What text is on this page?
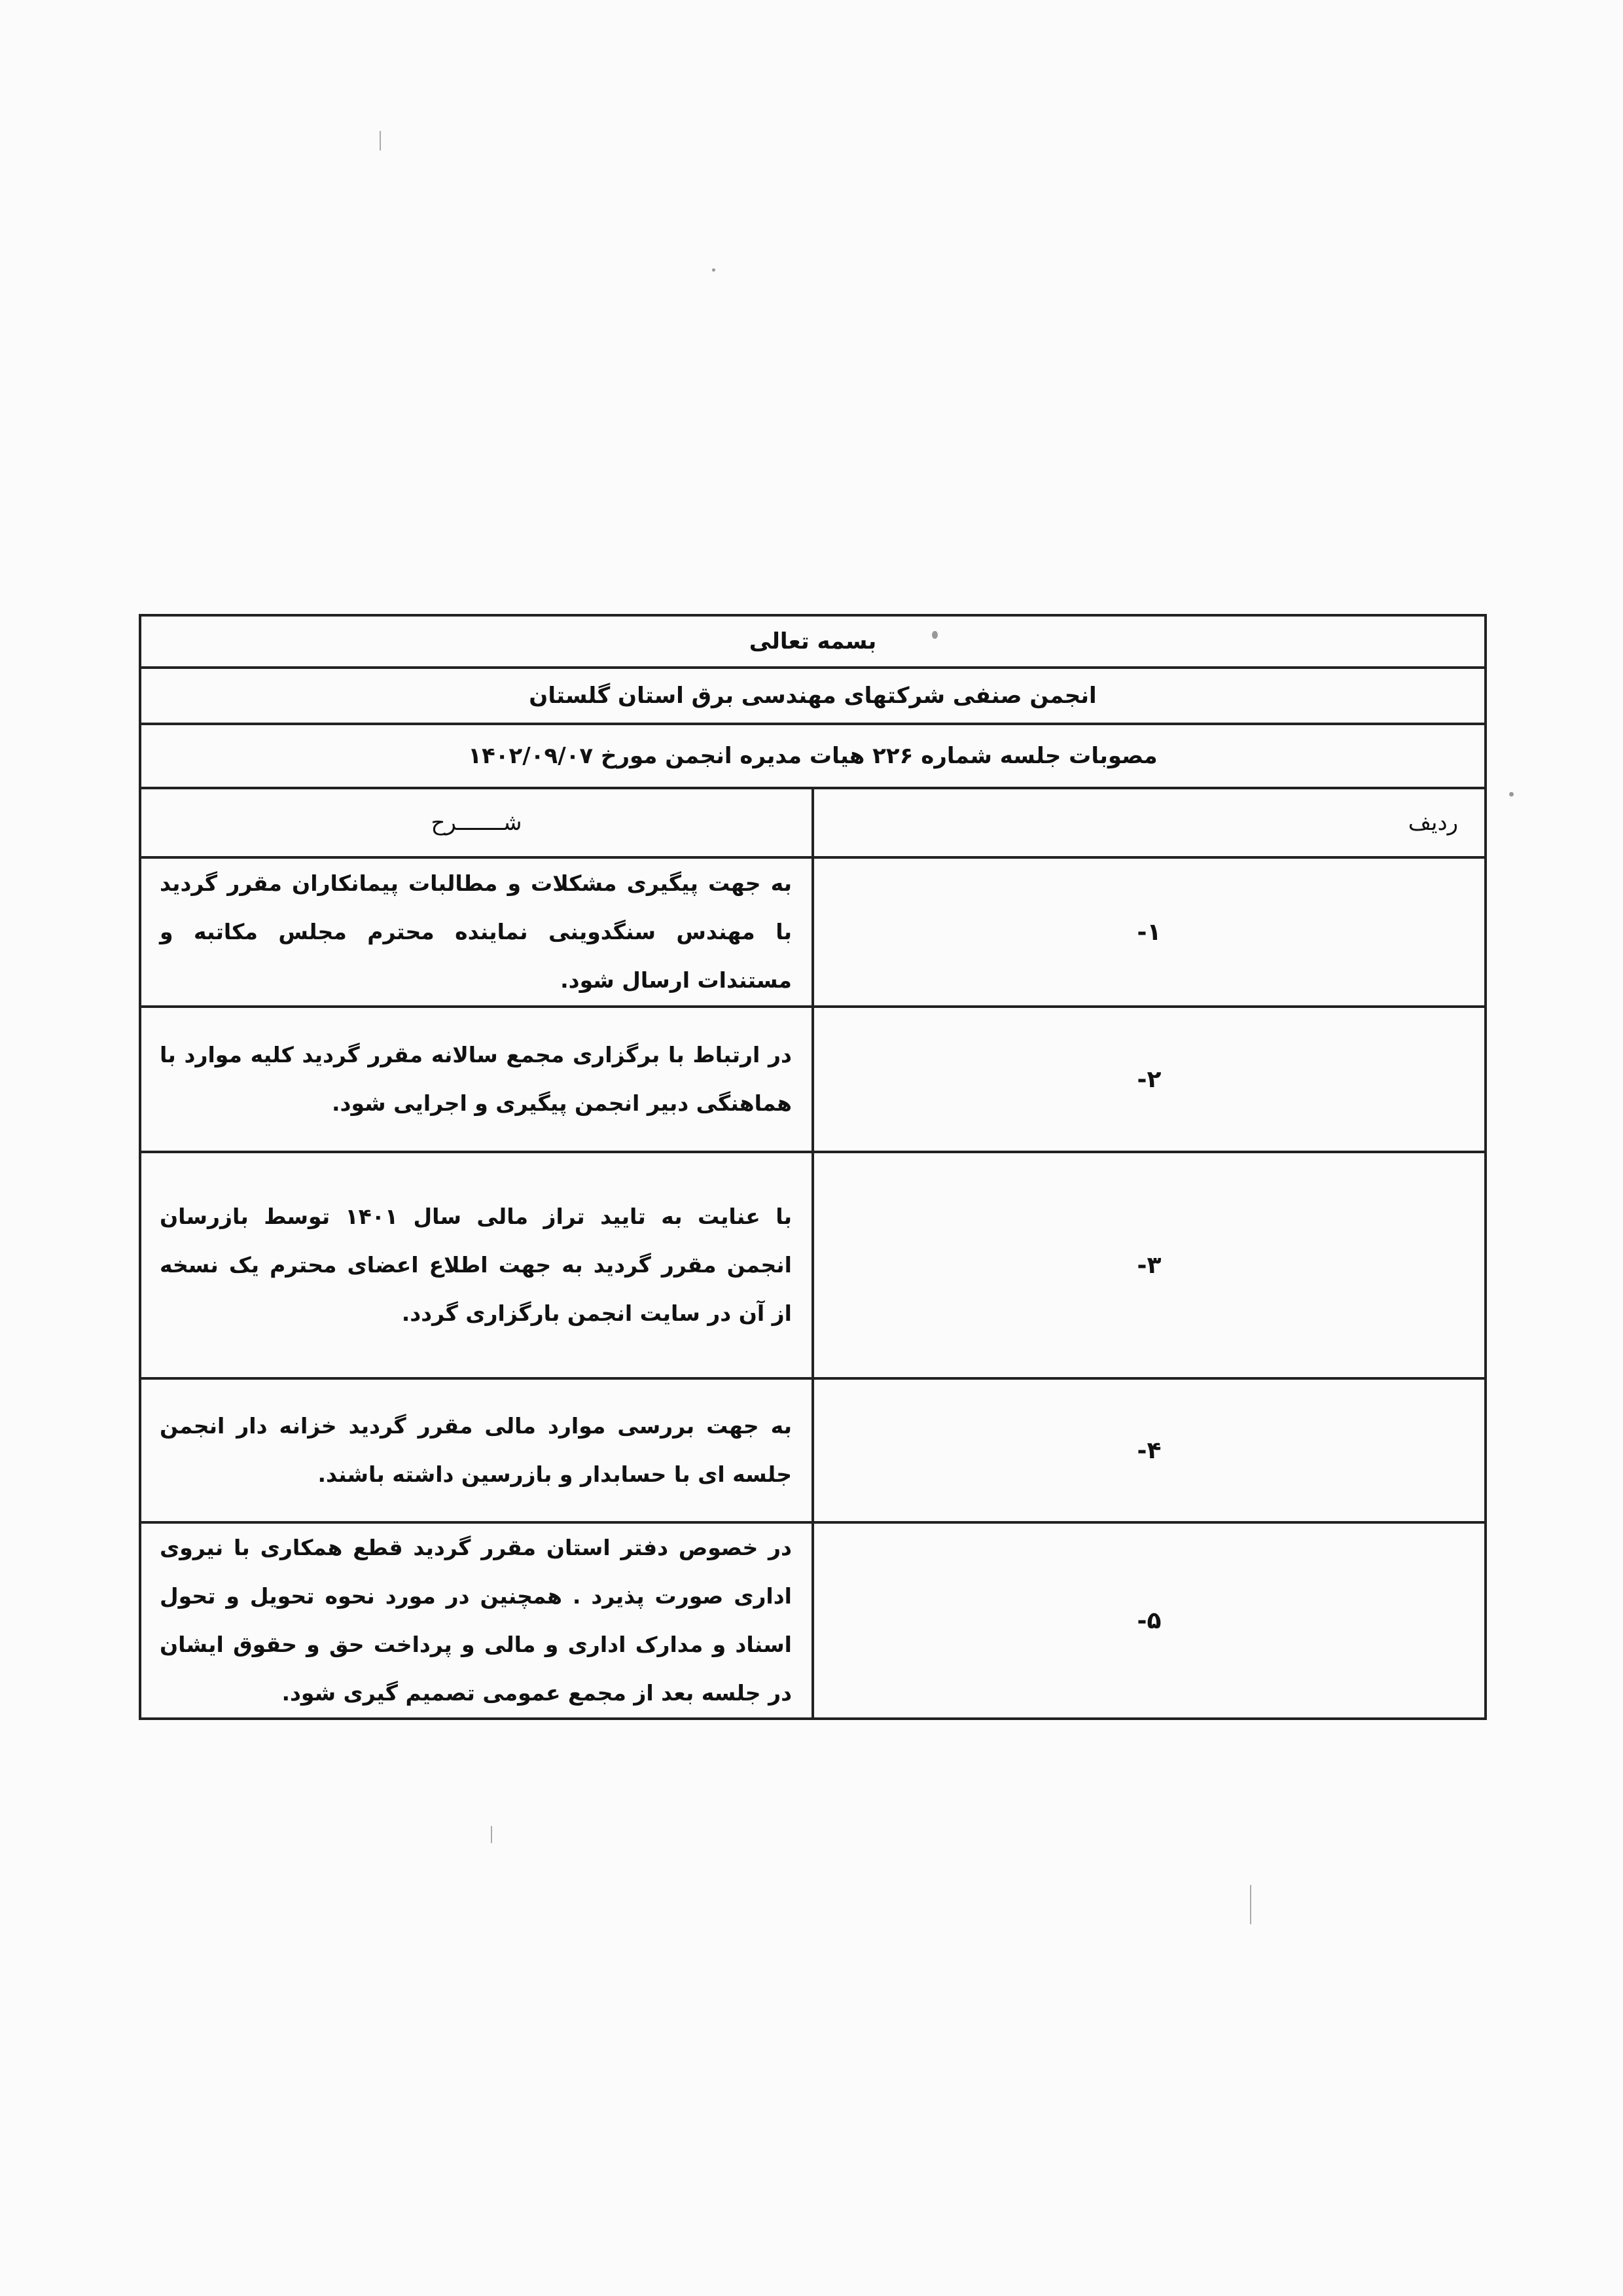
بسمه تعالی	
انجمن صنفی شرکتهای مهندسی برق استان گلستان	
مصوبات جلسه شماره ۲۲۶ هیات مدیره انجمن مورخ ۱۴۰۲/۰۹/۰۷	
ردیف	شـــــــرح
۱-	به جهت پیگیری مشکلات و مطالبات پیمانکاران مقرر گردید با مهندس سنگدوینی نماینده محترم مجلس مکاتبه و مستندات ارسال شود.
۲-	در ارتباط با برگزاری مجمع سالانه مقرر گردید کلیه موارد با هماهنگی دبیر انجمن پیگیری و اجرایی شود.
۳-	با عنایت به تایید تراز مالی سال ۱۴۰۱ توسط بازرسان انجمن مقرر گردید به جهت اطلاع اعضای محترم یک نسخه از آن در سایت انجمن بارگزاری گردد.
۴-	به جهت بررسی موارد مالی مقرر گردید خزانه دار انجمن جلسه ای با حسابدار و بازرسین داشته باشند.
۵-	در خصوص دفتر استان مقرر گردید قطع همکاری با نیروی اداری صورت پذیرد . همچنین در مورد نحوه تحویل و تحول اسناد و مدارک اداری و مالی و پرداخت حق و حقوق ایشان در جلسه بعد از مجمع عمومی تصمیم گیری شود.
